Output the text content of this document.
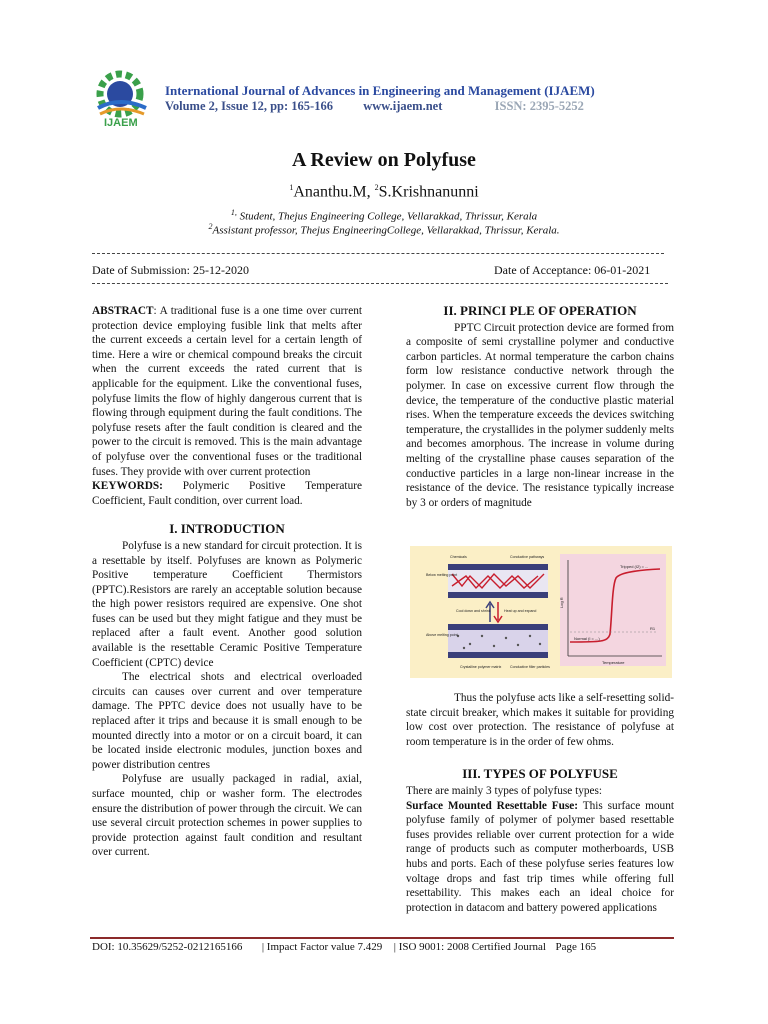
IJAEM
International Journal of Advances in Engineering and Management (IJAEM)
Volume 2, Issue 12, pp: 165-166 www.ijaem.net	ISSN: 2395-5252
A Review on Polyfuse
$^1$Ananthu.M, $^2$S.Krishnanunni
$^{1,}$ Student, Thejus Engineering College, Vellarakkad, Thrissur, Kerala
$^2$Assistant professor, Thejus EngineeringCollege, Vellarakkad, Thrissur, Kerala.
Date of Submission: 25-12-2020	Date of Acceptance: 06-01-2021

ABSTRACT: A traditional fuse is a one time over current protection device employing fusible link that melts after the current exceeds a certain level for a certain length of time. Here a wire or chemical compound breaks the circuit when the current exceeds the rated current that is applicable for the equipment. Like the conventional fuses, polyfuse limits the flow of highly dangerous current that is flowing through equipment during the fault conditions. The polyfuse resets after the fault condition is cleared and the power to the circuit is removed. This is the main advantage of polyfuse over the conventional fuses or the traditional fuses. They provide with over current protection

KEYWORDS: Polymeric Positive Temperature Coefficient, Fault condition, over current load.

I. INTRODUCTION

Polyfuse is a new standard for circuit protection. It is a resettable by itself. Polyfuses are known as Polymeric Positive temperature Coefficient Thermistors (PPTC).Resistors are rarely an acceptable solution because the high power resistors required are expensive. One shot fuses can be used but they might fatigue and they must be replaced after a fault event. Another good solution available is the resettable Ceramic Positive Temperature Coefficient (CPTC) device

The electrical shots and electrical overloaded circuits can causes over current and over temperature damage. The PPTC device does not usually have to be replaced after it trips and because it is small enough to be mounted directly into a motor or on a circuit board, it can be located inside electronic modules, junction boxes and power distribution centres

Polyfuse are usually packaged in radial, axial, surface mounted, chip or washer form. The electrodes ensure the distribution of power through the circuit. We can use several circuit protection schemes in power supplies to provide protection against fault condition and resultant over current.

II. PRINCI PLE OF OPERATION

PPTC Circuit protection device are formed from a composite of semi crystalline polymer and conductive carbon particles. At normal temperature the carbon chains form low resistance conductive network through the polymer. In case on excessive current flow through the device, the temperature of the conductive plastic material rises. When the temperature exceeds the devices switching temperature, the crystallides in the polymer suddenly melts and becomes amorphous. The increase in volume during melting of the crystalline phase causes separation of the conductive particles in a large non-linear increase in the resistance of the device. The resistance typically increase by 3 or orders of magnitude

Chemicals	Conductive pathways
Below melting point
Above melting point
Cool down and shrink	Heat up and expand
Crystalline polymer matrix Conductive filler particles
Log R
Temperature
Tripped (I2) = ...
Normal (I = ...)
R1

Thus the polyfuse acts like a self-resetting solid-state circuit breaker, which makes it suitable for providing low cost over protection. The resistance of polyfuse at room temperature is in the order of few ohms.

III. TYPES OF POLYFUSE

There are mainly 3 types of polyfuse types:

Surface Mounted Resettable Fuse: This surface mount polyfuse family of polymer of polymer based resettable fuses provides reliable over current protection for a wide range of products such as computer motherboards, USB hubs and ports. Each of these polyfuse series features low voltage drops and fast trip times while offering full resettability. This makes each an ideal choice for protection in datacom and battery powered applications

DOI: 10.35629/5252-0212165166 | Impact Factor value 7.429 | ISO 9001: 2008 Certified Journal Page 165
